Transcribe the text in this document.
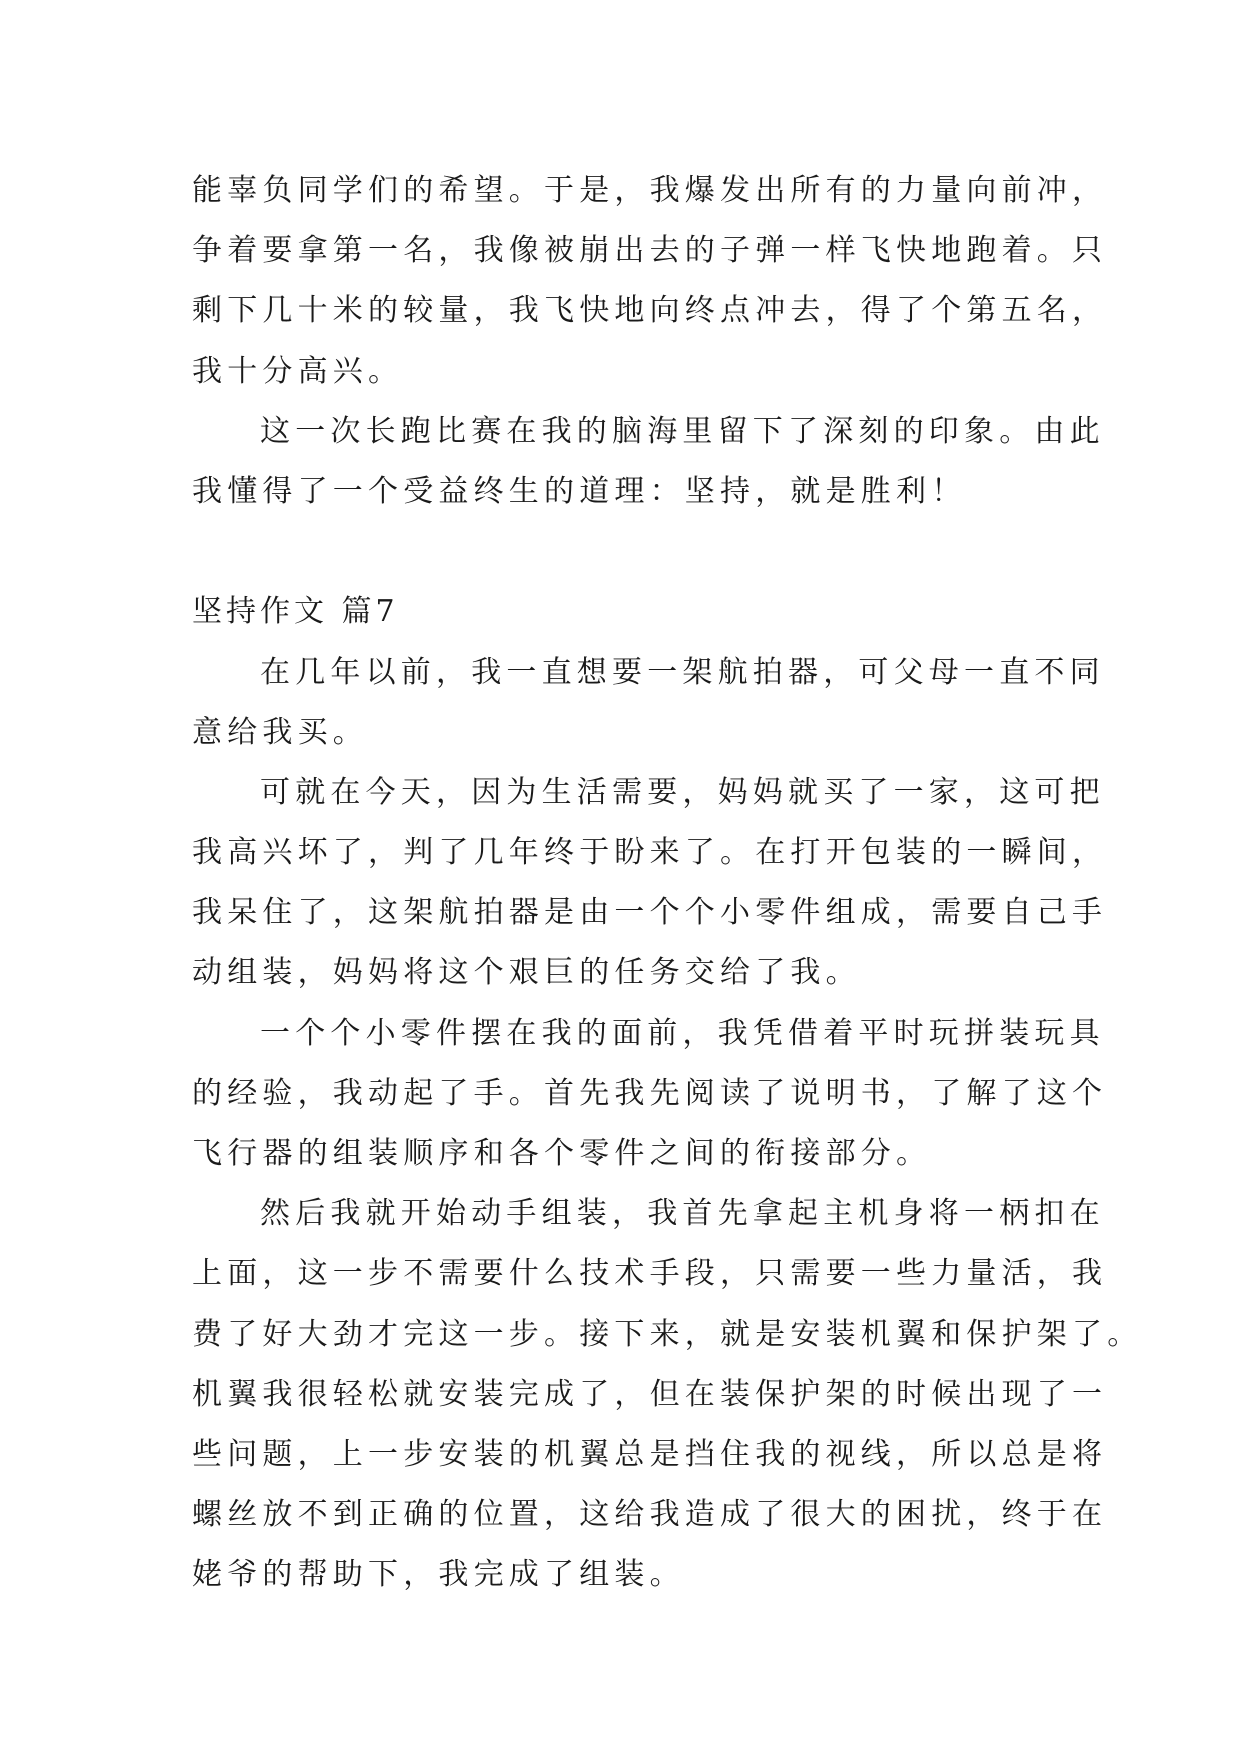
能辜负同学们的希望。于是，我爆发出所有的力量向前冲，
争着要拿第一名，我像被崩出去的子弹一样飞快地跑着。只
剩下几十米的较量，我飞快地向终点冲去，得了个第五名，
我十分高兴。
这一次长跑比赛在我的脑海里留下了深刻的印象。由此
我懂得了一个受益终生的道理：坚持，就是胜利！
坚持作文 篇7
在几年以前，我一直想要一架航拍器，可父母一直不同
意给我买。
可就在今天，因为生活需要，妈妈就买了一家，这可把
我高兴坏了，判了几年终于盼来了。在打开包装的一瞬间，
我呆住了，这架航拍器是由一个个小零件组成，需要自己手
动组装，妈妈将这个艰巨的任务交给了我。
一个个小零件摆在我的面前，我凭借着平时玩拼装玩具
的经验，我动起了手。首先我先阅读了说明书，了解了这个
飞行器的组装顺序和各个零件之间的衔接部分。
然后我就开始动手组装，我首先拿起主机身将一柄扣在
上面，这一步不需要什么技术手段，只需要一些力量活，我
费了好大劲才完这一步。接下来，就是安装机翼和保护架了。
机翼我很轻松就安装完成了，但在装保护架的时候出现了一
些问题，上一步安装的机翼总是挡住我的视线，所以总是将
螺丝放不到正确的位置，这给我造成了很大的困扰，终于在
姥爷的帮助下，我完成了组装。
